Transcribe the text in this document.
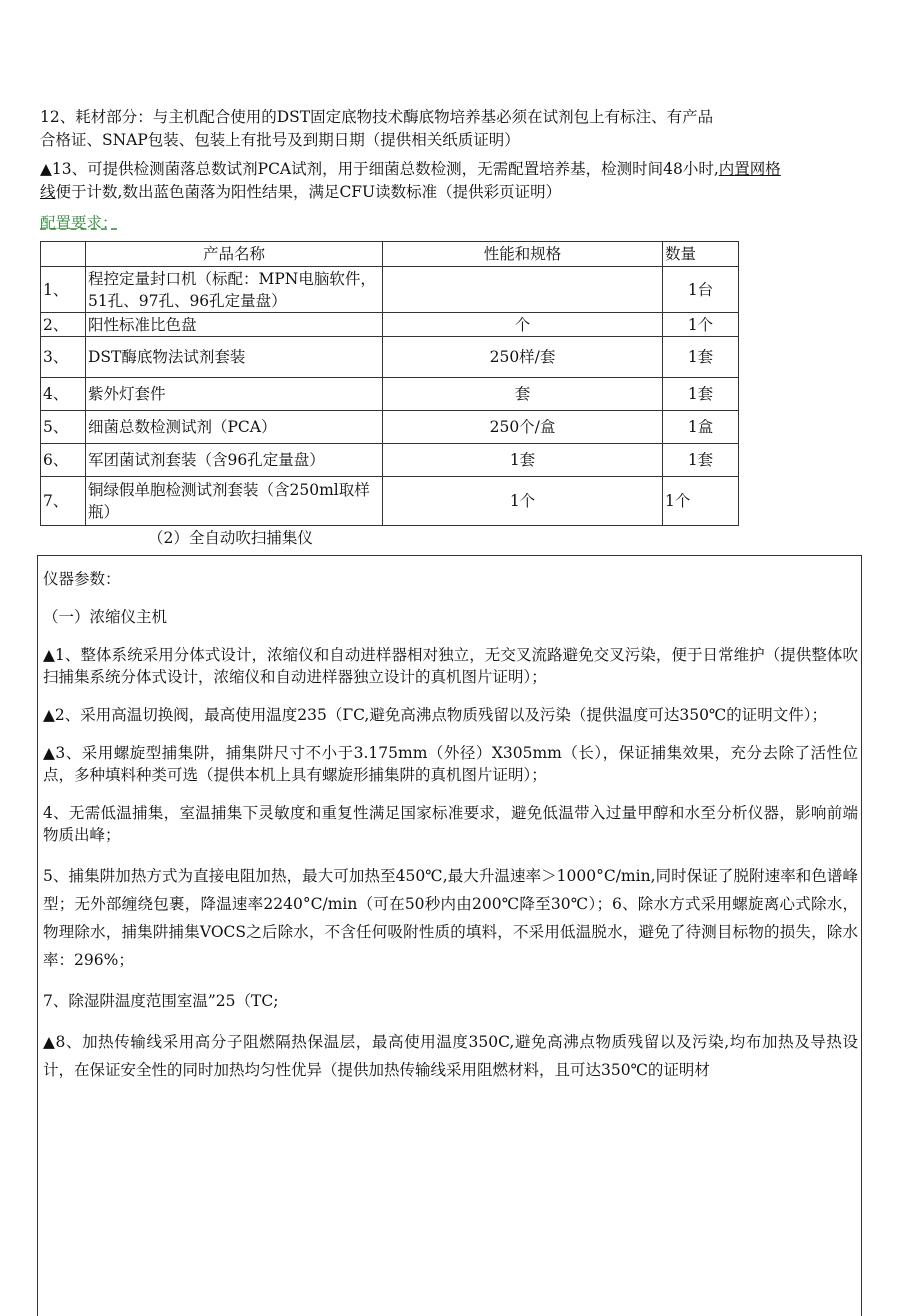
12、耗材部分：与主机配合使用的DST固定底物技术酶底物培养基必须在试剂包上有标注、有产品
合格证、SNAP包装、包装上有批号及到期日期（提供相关纸质证明）
▲13、可提供检测菌落总数试剂PCA试剂，用于细菌总数检测，无需配置培养基，检测时间48小时,内置网格
线便于计数,数出蓝色菌落为阳性结果，满足CFU读数标准（提供彩页证明）
配置要求：
	产品名称	性能和规格	数量
1、	程控定量封口机（标配：MPN电脑软件，51孔、97孔、96孔定量盘）		1台
2、	阳性标准比色盘	个	1个
3、	DST酶底物法试剂套装	250样/套	1套
4、	紫外灯套件	套	1套
5、	细菌总数检测试剂（PCA）	250个/盒	1盒
6、	军团菌试剂套装（含96孔定量盘）	1套	1套
7、	铜绿假单胞检测试剂套装（含250ml取样瓶）	1个	1个
（2）全自动吹扫捕集仪

仪器参数：

（一）浓缩仪主机

▲1、整体系统采用分体式设计，浓缩仪和自动进样器相对独立，无交叉流路避免交叉污染，便于日常维护（提供整体吹扫捕集系统分体式设计，浓缩仪和自动进样器独立设计的真机图片证明）；

▲2、采用高温切换阀，最高使用温度235（ΓC,避免高沸点物质残留以及污染（提供温度可达350℃的证明文件）；

▲3、采用螺旋型捕集阱，捕集阱尺寸不小于3.175mm（外径）X305mm（长），保证捕集效果，充分去除了活性位点，多种填料种类可选（提供本机上具有螺旋形捕集阱的真机图片证明）；

4、无需低温捕集，室温捕集下灵敏度和重复性满足国家标准要求，避免低温带入过量甲醇和水至分析仪器，影响前端物质出峰；

5、捕集阱加热方式为直接电阻加热，最大可加热至450℃,最大升温速率＞1000°C/min,同时保证了脱附速率和色谱峰型；无外部缠绕包裹，降温速率2240°C/min（可在50秒内由200℃降至30℃）；6、除水方式采用螺旋离心式除水，物理除水，捕集阱捕集VOCS之后除水，不含任何吸附性质的填料，不采用低温脱水，避免了待测目标物的损失，除水率：296%；

7、除湿阱温度范围室温”25（TC;

▲8、加热传输线采用高分子阻燃隔热保温层，最高使用温度350C,避免高沸点物质残留以及污染,均布加热及导热设计，在保证安全性的同时加热均匀性优异（提供加热传输线采用阻燃材料，且可达350℃的证明材
